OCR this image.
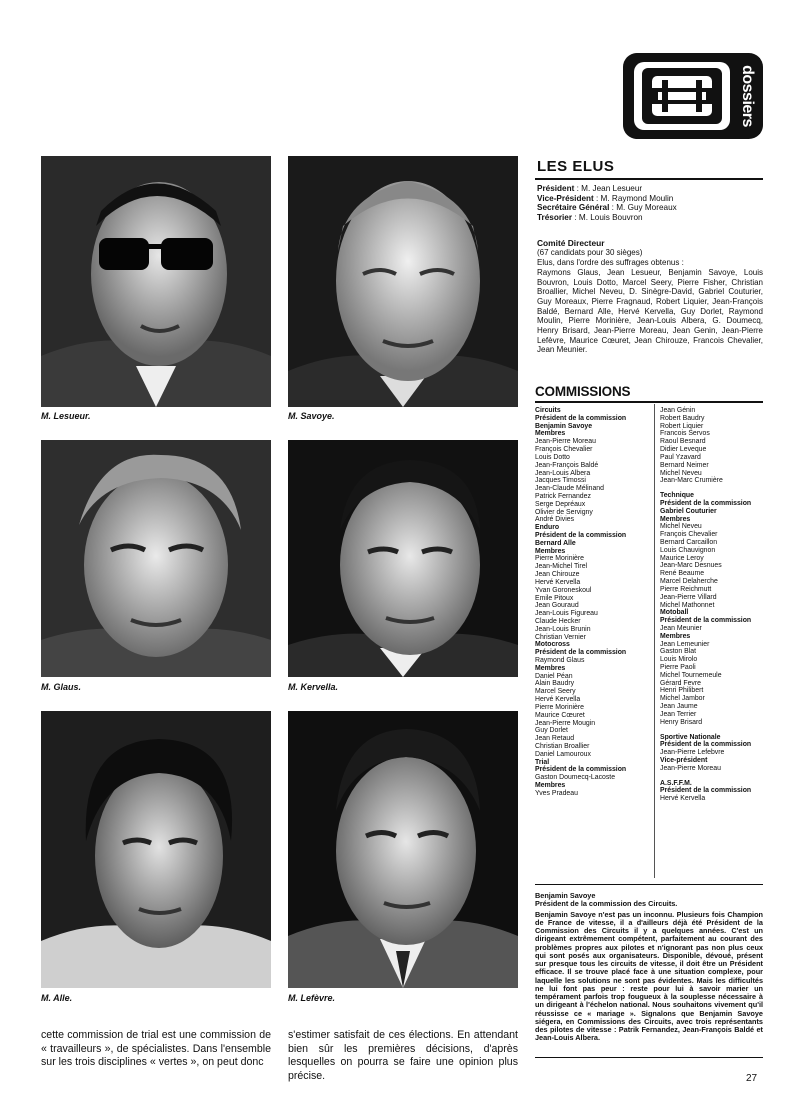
dossiers
M. Lesueur.	M. Savoye.
M. Glaus.	M. Kervella.
M. Alle.	M. Lefèvre.
LES ELUS
Président : M. Jean Lesueur
Vice-Président : M. Raymond Moulin
Secrétaire Général : M. Guy Moreaux
Trésorier : M. Louis Bouvron
Comité Directeur
(67 candidats pour 30 sièges)
Elus, dans l'ordre des suffrages obtenus :
Raymons Glaus, Jean Lesueur, Benjamin Savoye, Louis Bouvron, Louis Dotto, Marcel Seery, Pierre Fisher, Christian Broallier, Michel Neveu, D. Sinègre-David, Gabriel Couturier, Guy Moreaux, Pierre Fragnaud, Robert Liquier, Jean-François Baldé, Bernard Alle, Hervé Kervella, Guy Dorlet, Raymond Moulin, Pierre Morinière, Jean-Louis Albera, G. Doumecq, Henry Brisard, Jean-Pierre Moreau, Jean Genin, Jean-Pierre Lefèvre, Maurice Cœuret, Jean Chirouze, Francois Chevalier, Jean Meunier.
COMMISSIONS
Circuits
Président de la commission
Benjamin Savoye
Membres
Jean-Pierre Moreau
François Chevalier
Louis Dotto
Jean-François Baldé
Jean-Louis Albera
Jacques Timossi
Jean-Claude Mélinand
Patrick Fernandez
Serge Depréaux
Olivier de Servigny
André Divies
Enduro
Président de la commission
Bernard Alle
Membres
Pierre Morinière
Jean-Michel Tirel
Jean Chirouze
Hervé Kervella
Yvan Goroneskoul
Emile Pitoux
Jean Gouraud
Jean-Louis Figureau
Claude Hecker
Jean-Louis Brunin
Christian Vernier
Motocross
Président de la commission
Raymond Glaus
Membres
Daniel Péan
Alain Baudry
Marcel Seery
Hervé Kervella
Pierre Morinière
Maurice Cœuret
Jean-Pierre Mougin
Guy Dorlet
Jean Retaud
Christian Broallier
Daniel Lamouroux
Trial
Président de la commission
Gaston Doumecq-Lacoste
Membres
Yves Pradeau
Jean Génin
Robert Baudry
Robert Liquier
Francois Servos
Raoul Besnard
Didier Leveque
Paul Yzavard
Bernard Neimer
Michel Neveu
Jean-Marc Crumière
Technique
Président de la commission
Gabriel Couturier
Membres
Michel Neveu
François Chevalier
Bernard Carcaillon
Louis Chauvignon
Maurice Leroy
Jean-Marc Desnues
René Beaume
Marcel Delaherche
Pierre Reichmutt
Jean-Pierre Villard
Michel Mathonnet
Motoball
Président de la commission
Jean Meunier
Membres
Jean Lemeunier
Gaston Blat
Louis Mirolo
Pierre Paoli
Michel Tournemeule
Gérard Fevre
Henri Philibert
Michel Jambor
Jean Jaume
Jean Terrier
Henry Brisard
Sportive Nationale
Président de la commission
Jean-Pierre Lefebvre
Vice-président
Jean-Pierre Moreau
A.S.F.F.M.
Président de la commission
Hervé Kervella
Benjamin Savoye
Président de la commission des Circuits.
Benjamin Savoye n'est pas un inconnu. Plusieurs fois Champion de France de vitesse, il a d'ailleurs déjà été Président de la Commission des Circuits il y a quelques années. C'est un dirigeant extrêmement compétent, parfaitement au courant des problèmes propres aux pilotes et n'ignorant pas non plus ceux qui sont posés aux organisateurs. Disponible, dévoué, présent sur presque tous les circuits de vitesse, il doit être un Président efficace. Il se trouve placé face à une situation complexe, pour laquelle les solutions ne sont pas évidentes. Mais les difficultés ne lui font pas peur : reste pour lui à savoir marier un tempérament parfois trop fougueux à la souplesse nécessaire à un dirigeant à l'échelon national. Nous souhaitons vivement qu'il réussisse ce « mariage ». Signalons que Benjamin Savoye siégera, en Commissions des Circuits, avec trois représentants des pilotes de vitesse : Patrik Fernandez, Jean-François Baldé et Jean-Louis Albera.
cette commission de trial est une commission de « travailleurs », de spécialistes. Dans l'ensemble sur les trois disciplines « vertes », on peut donc
s'estimer satisfait de ces élections. En attendant bien sûr les premières décisions, d'après lesquelles on pourra se faire une opinion plus précise.	27
